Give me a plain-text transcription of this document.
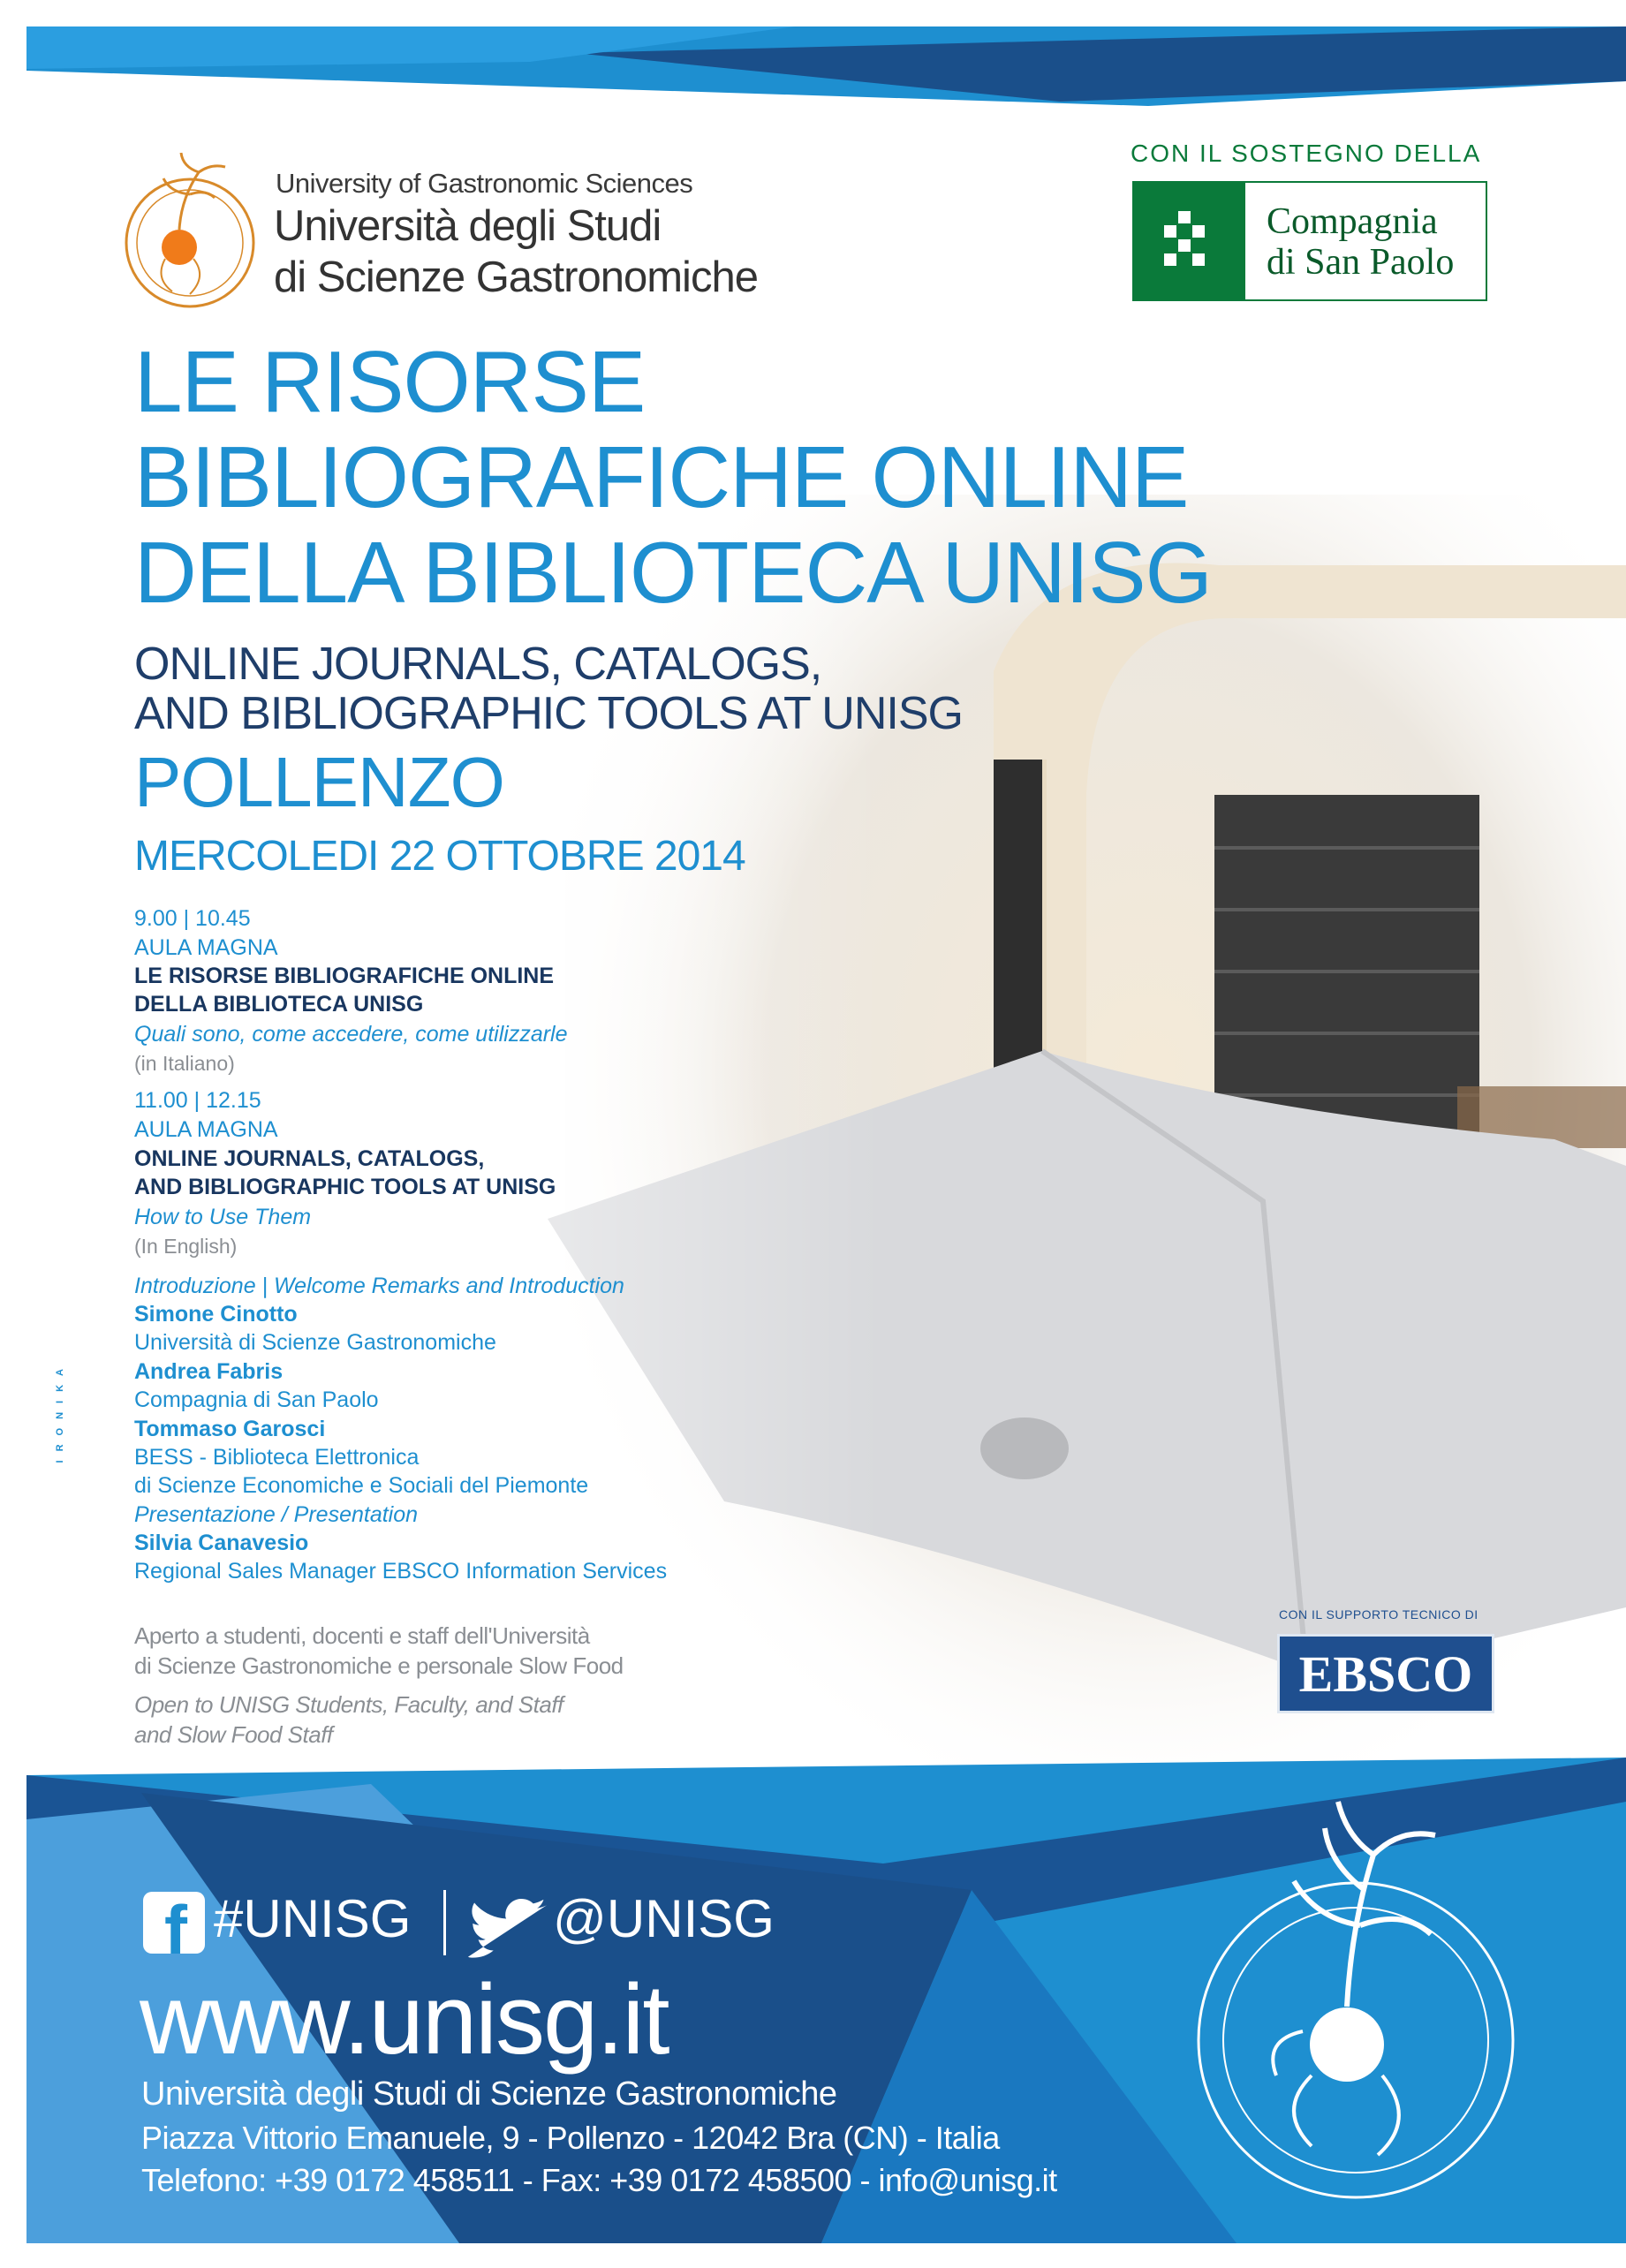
University of Gastronomic Sciences
Università degli Studi
di Scienze Gastronomiche
CON IL SOSTEGNO DELLA
Compagnia
di San Paolo
LE RISORSE
BIBLIOGRAFICHE ONLINE
DELLA BIBLIOTECA UNISG
ONLINE JOURNALS, CATALOGS,
AND BIBLIOGRAPHIC TOOLS AT UNISG
POLLENZO
MERCOLEDI 22 OTTOBRE 2014
9.00 | 10.45
AULA MAGNA
LE RISORSE BIBLIOGRAFICHE ONLINE
DELLA BIBLIOTECA UNISG
Quali sono, come accedere, come utilizzarle
(in Italiano)
11.00 | 12.15
AULA MAGNA
ONLINE JOURNALS, CATALOGS,
AND BIBLIOGRAPHIC TOOLS AT UNISG
How to Use Them
(In English)
Introduzione | Welcome Remarks and Introduction
Simone Cinotto
Università di Scienze Gastronomiche
Andrea Fabris
Compagnia di San Paolo
Tommaso Garosci
BESS - Biblioteca Elettronica
di Scienze Economiche e Sociali del Piemonte
Presentazione / Presentation
Silvia Canavesio
Regional Sales Manager EBSCO Information Services
Aperto a studenti, docenti e staff dell'Università
di Scienze Gastronomiche e personale Slow Food
Open to UNISG Students, Faculty, and Staff
and Slow Food Staff
IRONIKA
CON IL SUPPORTO TECNICO DI
EBSCO
f #UNISG	@UNISG
www.unisg.it
Università degli Studi di Scienze Gastronomiche
Piazza Vittorio Emanuele, 9 - Pollenzo - 12042 Bra (CN) - Italia
Telefono: +39 0172 458511 - Fax: +39 0172 458500 - info@unisg.it
